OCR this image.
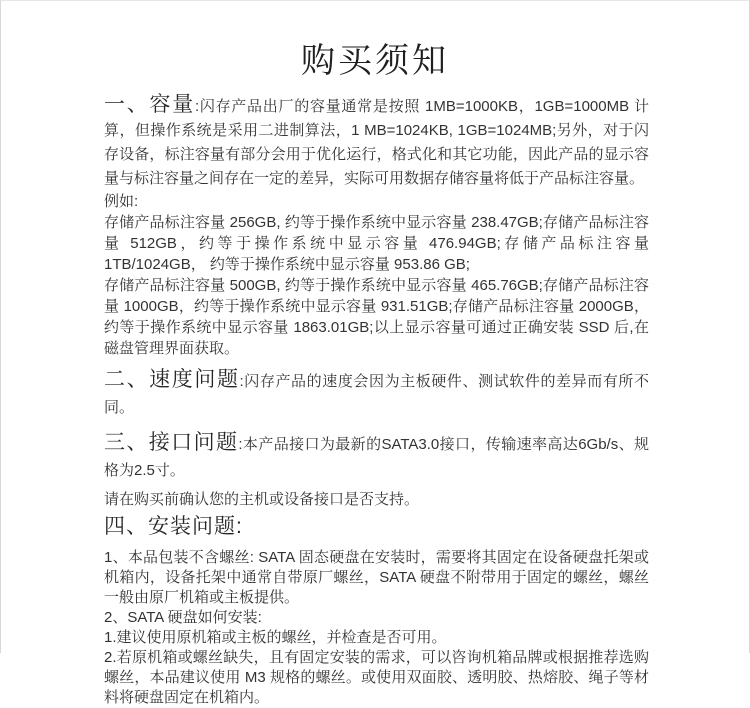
购买须知

一、容量:闪存产品出厂的容量通常是按照 1MB=1000KB，1GB=1000MB 计算，但操作系统是采用二进制算法，1 MB=1024KB, 1GB=1024MB;另外，对于闪存设备，标注容量有部分会用于优化运行，格式化和其它功能，因此产品的显示容量与标注容量之间存在一定的差异，实际可用数据存储容量将低于产品标注容量。

例如:

存储产品标注容量 256GB, 约等于操作系统中显示容量 238.47GB;存储产品标注容量 512GB，约等于操作系统中显示容量 476.94GB;存储产品标注容量 1TB/1024GB， 约等于操作系统中显示容量 953.86 GB;

存储产品标注容量 500GB, 约等于操作系统中显示容量 465.76GB;存储产品标注容量 1000GB，约等于操作系统中显示容量 931.51GB;存储产品标注容量 2000GB， 约等于操作系统中显示容量 1863.01GB;以上显示容量可通过正确安装 SSD 后,在磁盘管理界面获取。

二、速度问题:闪存产品的速度会因为主板硬件、测试软件的差异而有所不同。

三、接口问题:本产品接口为最新的SATA3.0接口，传输速率高达6Gb/s、规格为2.5寸。

请在购买前确认您的主机或设备接口是否支持。

四、安装问题:

1、本品包装不含螺丝: SATA 固态硬盘在安装时，需要将其固定在设备硬盘托架或机箱内，设备托架中通常自带原厂螺丝，SATA 硬盘不附带用于固定的螺丝，螺丝一般由原厂机箱或主板提供。

2、SATA 硬盘如何安装:

1.建议使用原机箱或主板的螺丝，并检查是否可用。

2.若原机箱或螺丝缺失，且有固定安装的需求，可以咨询机箱品牌或根据推荐选购螺丝，本品建议使用 M3 规格的螺丝。或使用双面胶、透明胶、热熔胶、绳子等材料将硬盘固定在机箱内。
